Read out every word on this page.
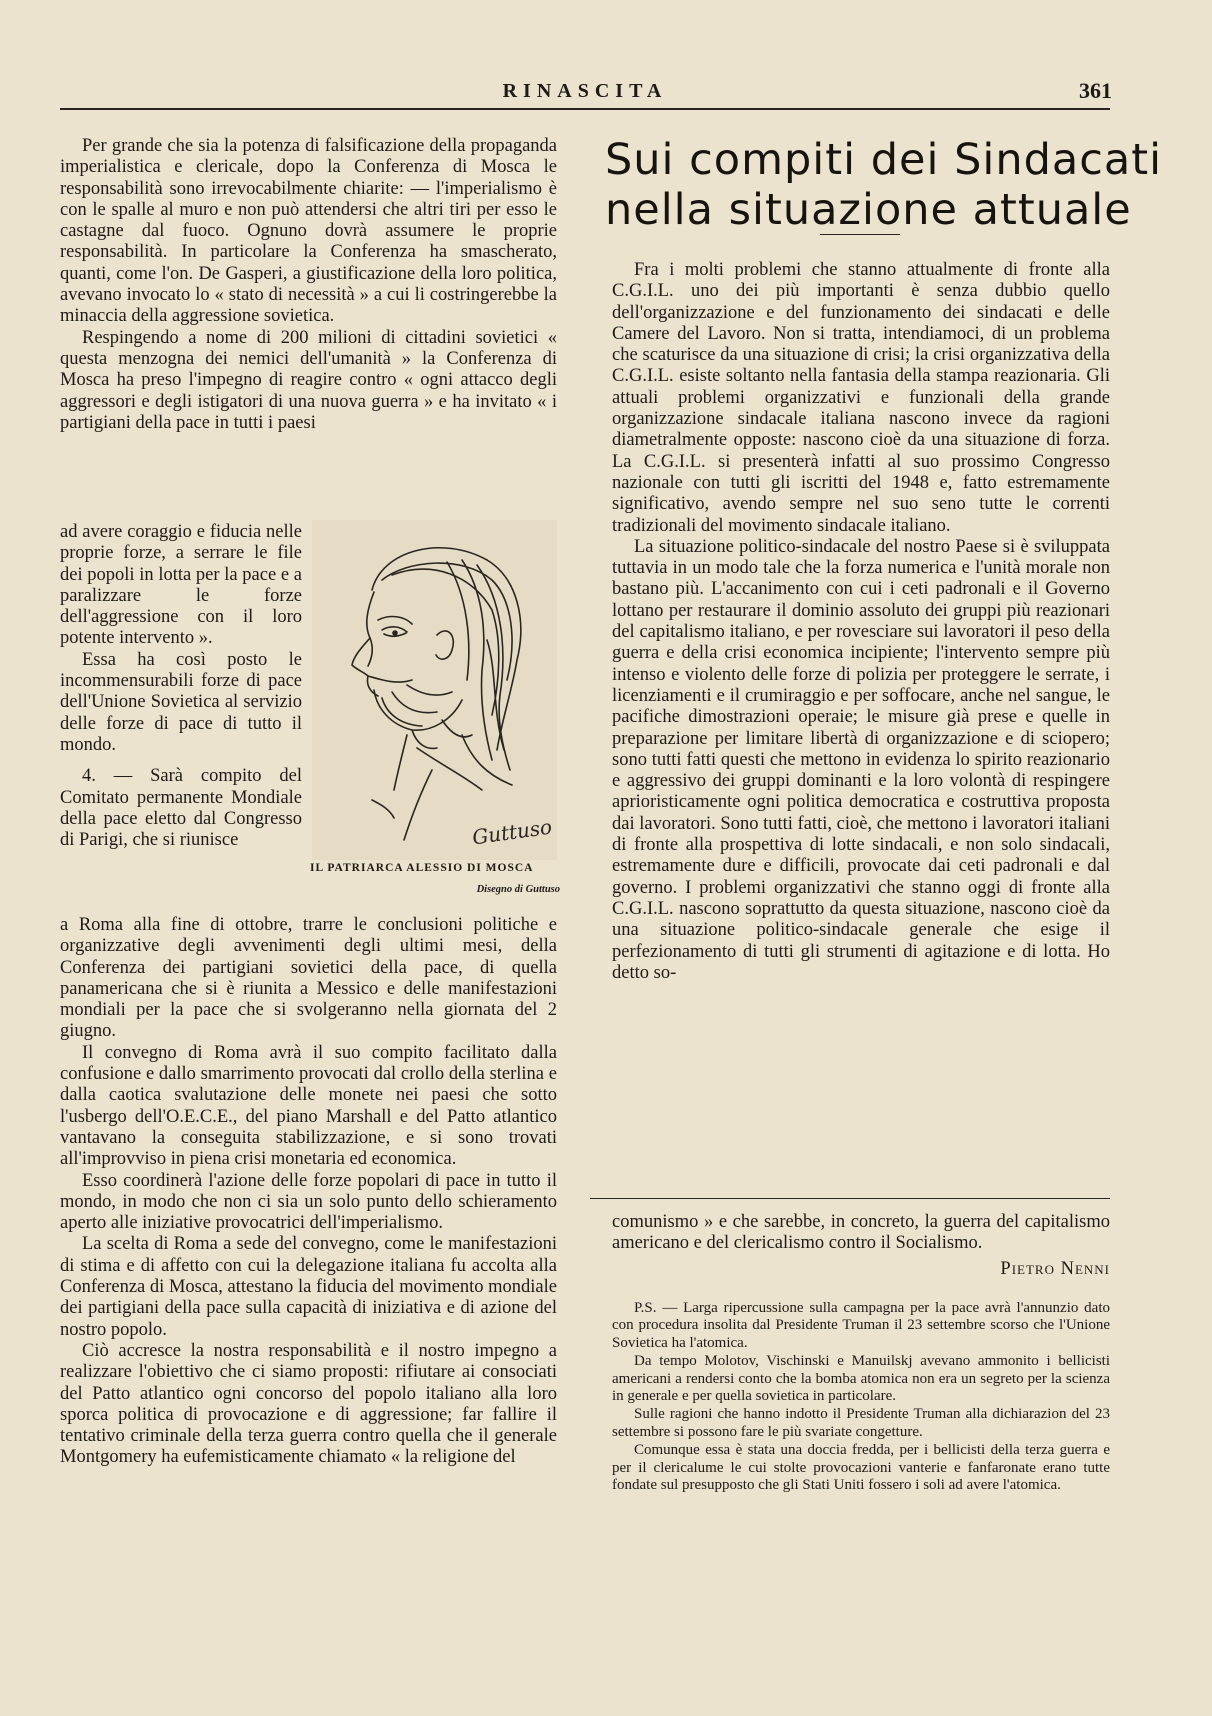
RINASCITA	361

Per grande che sia la potenza di falsificazione della propaganda imperialistica e clericale, dopo la Conferenza di Mosca le responsabilità sono irrevocabilmente chiarite: — l'imperialismo è con le spalle al muro e non può attendersi che altri tiri per esso le castagne dal fuoco. Ognuno dovrà assumere le proprie responsabilità. In particolare la Conferenza ha smascherato, quanti, come l'on. De Gasperi, a giustificazione della loro politica, avevano invocato lo « stato di necessità » a cui li costringerebbe la minaccia della aggressione sovietica.

Respingendo a nome di 200 milioni di cittadini sovietici « questa menzogna dei nemici dell'umanità » la Conferenza di Mosca ha preso l'impegno di reagire contro « ogni attacco degli aggressori e degli istigatori di una nuova guerra » e ha invitato « i partigiani della pace in tutti i paesi

ad avere coraggio e fiducia nelle proprie forze, a serrare le file dei popoli in lotta per la pace e a paralizzare le forze dell'aggressione con il loro potente intervento ».

Essa ha così posto le incommensurabili forze di pace dell'Unione Sovietica al servizio delle forze di pace di tutto il mondo.

4. — Sarà compito del Comitato permanente Mondiale della pace eletto dal Congresso di Parigi, che si riunisce	Guttuso
IL PATRIARCA ALESSIO DI MOSCA
Disegno di Guttuso

a Roma alla fine di ottobre, trarre le conclusioni politiche e organizzative degli avvenimenti degli ultimi mesi, della Conferenza dei partigiani sovietici della pace, di quella panamericana che si è riunita a Messico e delle manifestazioni mondiali per la pace che si svolgeranno nella giornata del 2 giugno.

Il convegno di Roma avrà il suo compito facilitato dalla confusione e dallo smarrimento provocati dal crollo della sterlina e dalla caotica svalutazione delle monete nei paesi che sotto l'usbergo dell'O.E.C.E., del piano Marshall e del Patto atlantico vantavano la conseguita stabilizzazione, e si sono trovati all'improvviso in piena crisi monetaria ed economica.

Esso coordinerà l'azione delle forze popolari di pace in tutto il mondo, in modo che non ci sia un solo punto dello schieramento aperto alle iniziative provocatrici dell'imperialismo.

La scelta di Roma a sede del convegno, come le manifestazioni di stima e di affetto con cui la delegazione italiana fu accolta alla Conferenza di Mosca, attestano la fiducia del movimento mondiale dei partigiani della pace sulla capacità di iniziativa e di azione del nostro popolo.

Ciò accresce la nostra responsabilità e il nostro impegno a realizzare l'obiettivo che ci siamo proposti: rifiutare ai consociati del Patto atlantico ogni concorso del popolo italiano alla loro sporca politica di provocazione e di aggressione; far fallire il tentativo criminale della terza guerra contro quella che il generale Montgomery ha eufemisticamente chiamato « la religione del

Sui compiti dei Sindacati
nella situazione attuale

Fra i molti problemi che stanno attualmente di fronte alla C.G.I.L. uno dei più importanti è senza dubbio quello dell'organizzazione e del funzionamento dei sindacati e delle Camere del Lavoro. Non si tratta, intendiamoci, di un problema che scaturisce da una situazione di crisi; la crisi organizzativa della C.G.I.L. esiste soltanto nella fantasia della stampa reazionaria. Gli attuali problemi organizzativi e funzionali della grande organizzazione sindacale italiana nascono invece da ragioni diametralmente opposte: nascono cioè da una situazione di forza. La C.G.I.L. si presenterà infatti al suo prossimo Congresso nazionale con tutti gli iscritti del 1948 e, fatto estremamente significativo, avendo sempre nel suo seno tutte le correnti tradizionali del movimento sindacale italiano.

La situazione politico-sindacale del nostro Paese si è sviluppata tuttavia in un modo tale che la forza numerica e l'unità morale non bastano più. L'accanimento con cui i ceti padronali e il Governo lottano per restaurare il dominio assoluto dei gruppi più reazionari del capitalismo italiano, e per rovesciare sui lavoratori il peso della guerra e della crisi economica incipiente; l'intervento sempre più intenso e violento delle forze di polizia per proteggere le serrate, i licenziamenti e il crumiraggio e per soffocare, anche nel sangue, le pacifiche dimostrazioni operaie; le misure già prese e quelle in preparazione per limitare libertà di organizzazione e di sciopero; sono tutti fatti questi che mettono in evidenza lo spirito reazionario e aggressivo dei gruppi dominanti e la loro volontà di respingere aprioristicamente ogni politica democratica e costruttiva proposta dai lavoratori. Sono tutti fatti, cioè, che mettono i lavoratori italiani di fronte alla prospettiva di lotte sindacali, e non solo sindacali, estremamente dure e difficili, provocate dai ceti padronali e dal governo. I problemi organizzativi che stanno oggi di fronte alla C.G.I.L. nascono soprattutto da questa situazione, nascono cioè da una situazione politico-sindacale generale che esige il perfezionamento di tutti gli strumenti di agitazione e di lotta. Ho detto so-

comunismo » e che sarebbe, in concreto, la guerra del capitalismo americano e del clericalismo contro il Socialismo.

Pietro Nenni

P.S. — Larga ripercussione sulla campagna per la pace avrà l'annunzio dato con procedura insolita dal Presidente Truman il 23 settembre scorso che l'Unione Sovietica ha l'atomica.

Da tempo Molotov, Vischinski e Manuilskj avevano ammonito i bellicisti americani a rendersi conto che la bomba atomica non era un segreto per la scienza in generale e per quella sovietica in particolare.

Sulle ragioni che hanno indotto il Presidente Truman alla dichiarazion del 23 settembre si possono fare le più svariate congetture.

Comunque essa è stata una doccia fredda, per i bellicisti della terza guerra e per il clericalume le cui stolte provocazioni vanterie e fanfaronate erano tutte fondate sul presupposto che gli Stati Uniti fossero i soli ad avere l'atomica.
